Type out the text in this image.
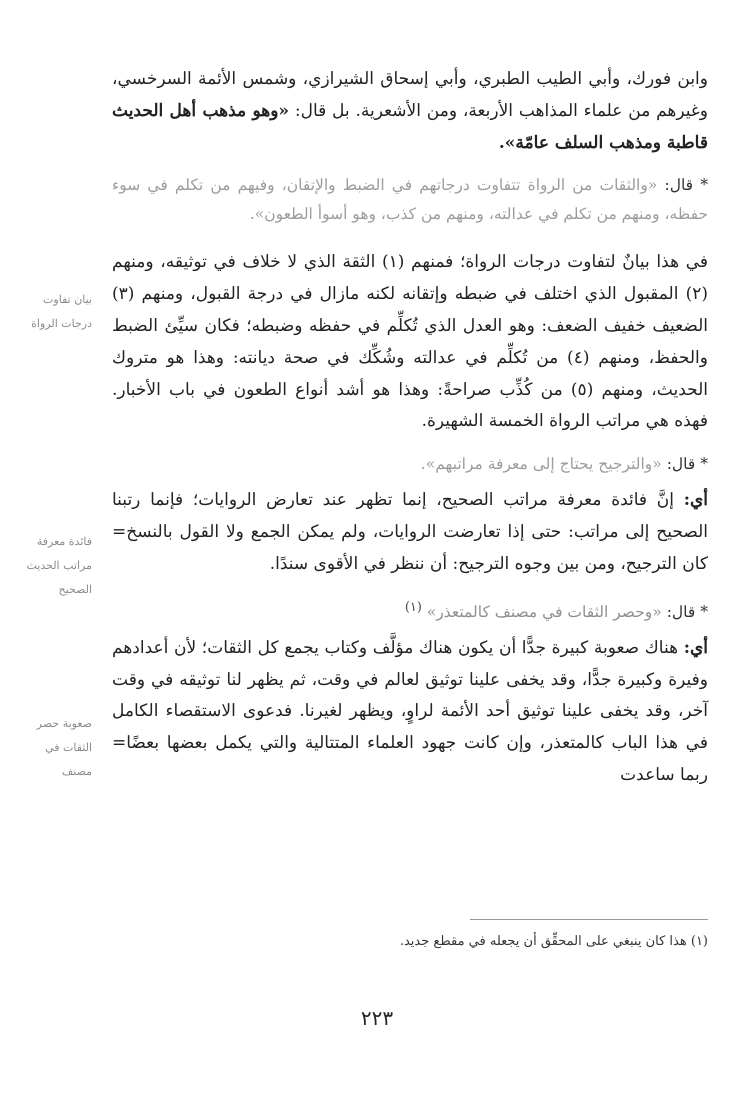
وابن فورك، وأبي الطيب الطبري، وأبي إسحاق الشيرازي، وشمس الأئمة السرخسي، وغيرهم من علماء المذاهب الأربعة، ومن الأشعرية. بل قال: «وهو مذهب أهل الحديث قاطبة ومذهب السلف عامّة».

* قال: «والثقات من الرواة تتفاوت درجاتهم في الضبط والإتقان، وفيهم من تكلم في سوء حفظه، ومنهم من تكلم في عدالته، ومنهم من كذب، وهو أسوأ الطعون».

في هذا بيانٌ لتفاوت درجات الرواة؛ فمنهم (١) الثقة الذي لا خلاف في توثيقه، ومنهم (٢) المقبول الذي اختلف في ضبطه وإتقانه لكنه مازال في درجة القبول، ومنهم (٣) الضعيف خفيف الضعف: وهو العدل الذي تُكلِّم في حفظه وضبطه؛ فكان سيِّئ الضبط والحفظ، ومنهم (٤) من تُكلِّم في عدالته وشُكِّك في صحة ديانته: وهذا هو متروك الحديث، ومنهم (٥) من كُذِّب صراحةً: وهذا هو أشد أنواع الطعون في باب الأخبار. فهذه هي مراتب الرواة الخمسة الشهيرة.

* قال: «والترجيح يحتاج إلى معرفة مراتبهم».

أي: إنَّ فائدة معرفة مراتب الصحيح، إنما تظهر عند تعارض الروايات؛ فإنما رتبنا الصحيح إلى مراتب: حتى إذا تعارضت الروايات، ولم يمكن الجمع ولا القول بالنسخ= كان الترجيح، ومن بين وجوه الترجيح: أن ننظر في الأقوى سندًا.

* قال: «وحصر الثقات في مصنف كالمتعذر» $^{(١)}$

أي: هناك صعوبة كبيرة جدًّا أن يكون هناك مؤلَّف وكتاب يجمع كل الثقات؛ لأن أعدادهم وفيرة وكبيرة جدًّا، وقد يخفى علينا توثيق لعالم في وقت، ثم يظهر لنا توثيقه في وقت آخر، وقد يخفى علينا توثيق أحد الأئمة لراوٍ، ويظهر لغيرنا. فدعوى الاستقصاء الكامل في هذا الباب كالمتعذر، وإن كانت جهود العلماء المتتالية والتي يكمل بعضها بعضًا= ربما ساعدت

بيان تفاوت درجات الرواة
فائدة معرفة مراتب الحديث الصحيح
صعوبة حصر الثقات في مصنف
(١) هذا كان ينبغي على المحقِّق أن يجعله في مقطع جديد.
٢٢٣
